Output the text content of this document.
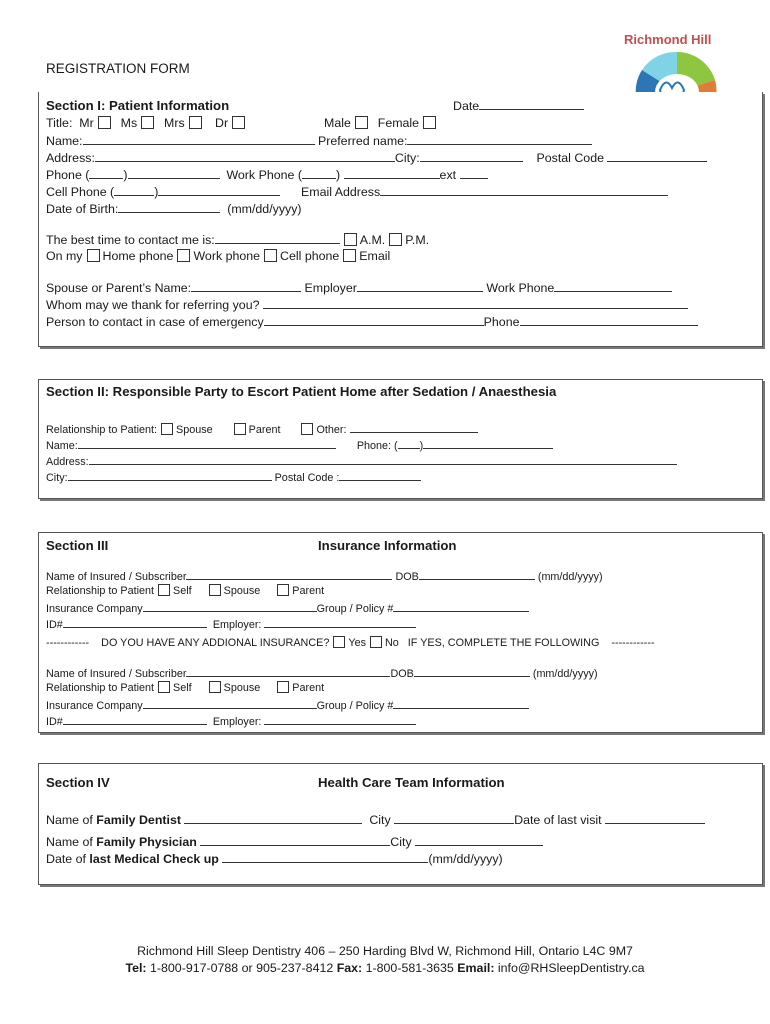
REGISTRATION FORM
Richmond Hill
Section I: Patient Information	Date
Title: Mr Ms Mrs Dr	Male Female
Name:	Preferred name:
Address:	City:	Postal Code
Phone (	)	Work Phone (	)	ext
Cell Phone (	)	Email Address
Date of Birth:	(mm/dd/yyyy)
The best time to contact me is:	A.M. P.M.
On my Home phone Work phone Cell phone Email
Spouse or Parent’s Name:	Employer	Work Phone
Whom may we thank for referring you?
Person to contact in case of emergency	Phone
Section II: Responsible Party to Escort Patient Home after Sedation / Anaesthesia
Relationship to Patient: Spouse	Parent	Other:
Name:	Phone: ( )
Address:
City:	Postal Code :
Section III	Insurance Information
Name of Insured / Subscriber	DOB	(mm/dd/yyyy)
Relationship to Patient Self	Spouse	Parent
Insurance Company	Group / Policy #
ID#	Employer:
------------ DO YOU HAVE ANY ADDIONAL INSURANCE? Yes No IF YES, COMPLETE THE FOLLOWING ------------
Name of Insured / Subscriber	DOB	(mm/dd/yyyy)
Relationship to Patient Self	Spouse	Parent
Insurance Company	Group / Policy #
ID#	Employer:
Section IV	Health Care Team Information
Name of Family Dentist	City	Date of last visit
Name of Family Physician	City
Date of last Medical Check up	(mm/dd/yyyy)
Richmond Hill Sleep Dentistry 406 – 250 Harding Blvd W, Richmond Hill, Ontario L4C 9M7
Tel: 1-800-917-0788 or 905-237-8412 Fax: 1-800-581-3635 Email: info@RHSleepDentistry.ca
